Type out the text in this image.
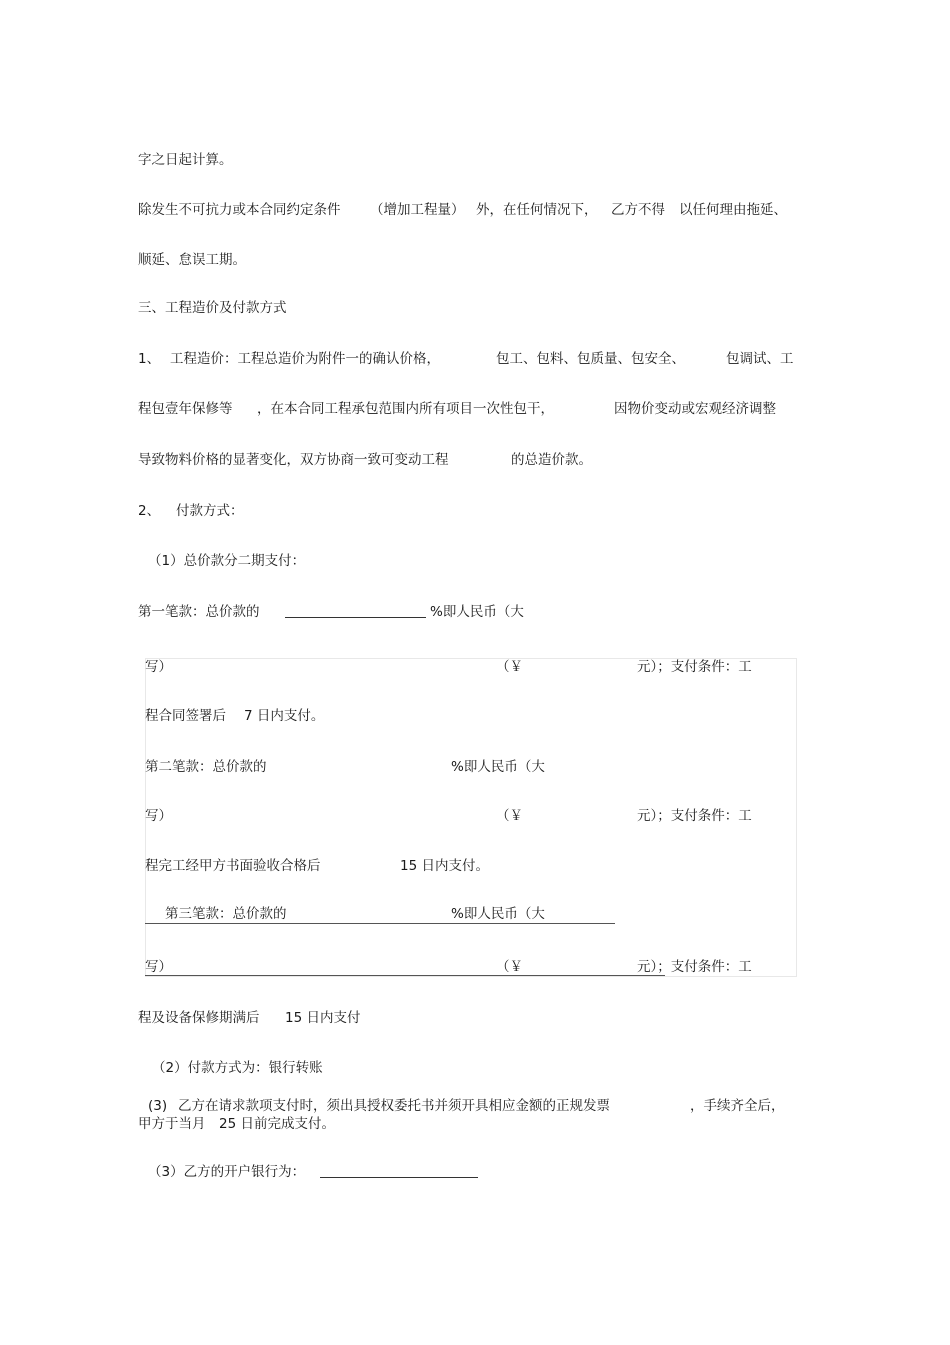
字之日起计算。
除发生不可抗力或本合同约定条件 （增加工程量） 外，在任何情况下， 乙方不得 以任何理由拖延、
顺延、怠误工期。
三、工程造价及付款方式
1、 工程造价：工程总造价为附件一的确认价格，	包工、包料、包质量、包安全、	包调试、工
程包壹年保修等 ，在本合同工程承包范围内所有项目一次性包干，	因物价变动或宏观经济调整
导致物料价格的显著变化，双方协商一致可变动工程	的总造价款。
2、 付款方式：
（1）总价款分二期支付：
第一笔款：总价款的	%即人民币（大
写）	（￥	元）；支付条件：工
程合同签署后 7 日内支付。
第二笔款：总价款的	%即人民币（大
写）	（￥	元）；支付条件：工
程完工经甲方书面验收合格后	15 日内支付。
第三笔款：总价款的	%即人民币（大
写）	（￥	元）；支付条件：工
程及设备保修期满后 15 日内支付
（2）付款方式为：银行转账
(3) 乙方在请求款项支付时，须出具授权委托书并须开具相应金额的正规发票	，手续齐全后，
甲方于当月 25 日前完成支付。
（3）乙方的开户银行为：
